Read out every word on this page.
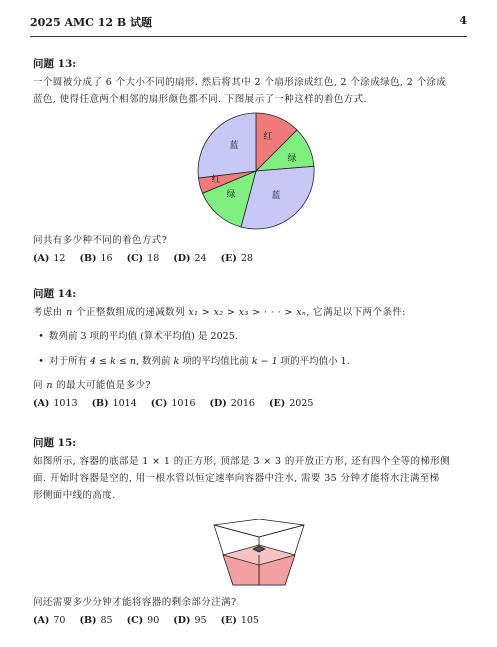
2025 AMC 12 B 试题	4
问题 13:
一个圆被分成了 6 个大小不同的扇形. 然后将其中 2 个扇形涂成红色, 2 个涂成绿色, 2 个涂成
蓝色, 使得任意两个相邻的扇形颜色都不同. 下图展示了一种这样的着色方式.
红
绿
蓝
绿
红
蓝
问共有多少种不同的着色方式?
(A) 12 (B) 16 (C) 18 (D) 24 (E) 28
问题 14:
考虑由 n 个正整数组成的递减数列 x₁ > x₂ > x₃ > · · · > xₙ, 它满足以下两个条件:
• 数列前 3 项的平均值 (算术平均值) 是 2025.
• 对于所有 4 ≤ k ≤ n, 数列前 k 项的平均值比前 k − 1 项的平均值小 1.
问 n 的最大可能值是多少?
(A) 1013 (B) 1014 (C) 1016 (D) 2016 (E) 2025
问题 15:
如图所示, 容器的底部是 1 × 1 的正方形, 顶部是 3 × 3 的开放正方形, 还有四个全等的梯形侧
面. 开始时容器是空的, 用一根水管以恒定速率向容器中注水, 需要 35 分钟才能将水注满至梯
形侧面中线的高度.
问还需要多少分钟才能将容器的剩余部分注满?
(A) 70 (B) 85 (C) 90 (D) 95 (E) 105
